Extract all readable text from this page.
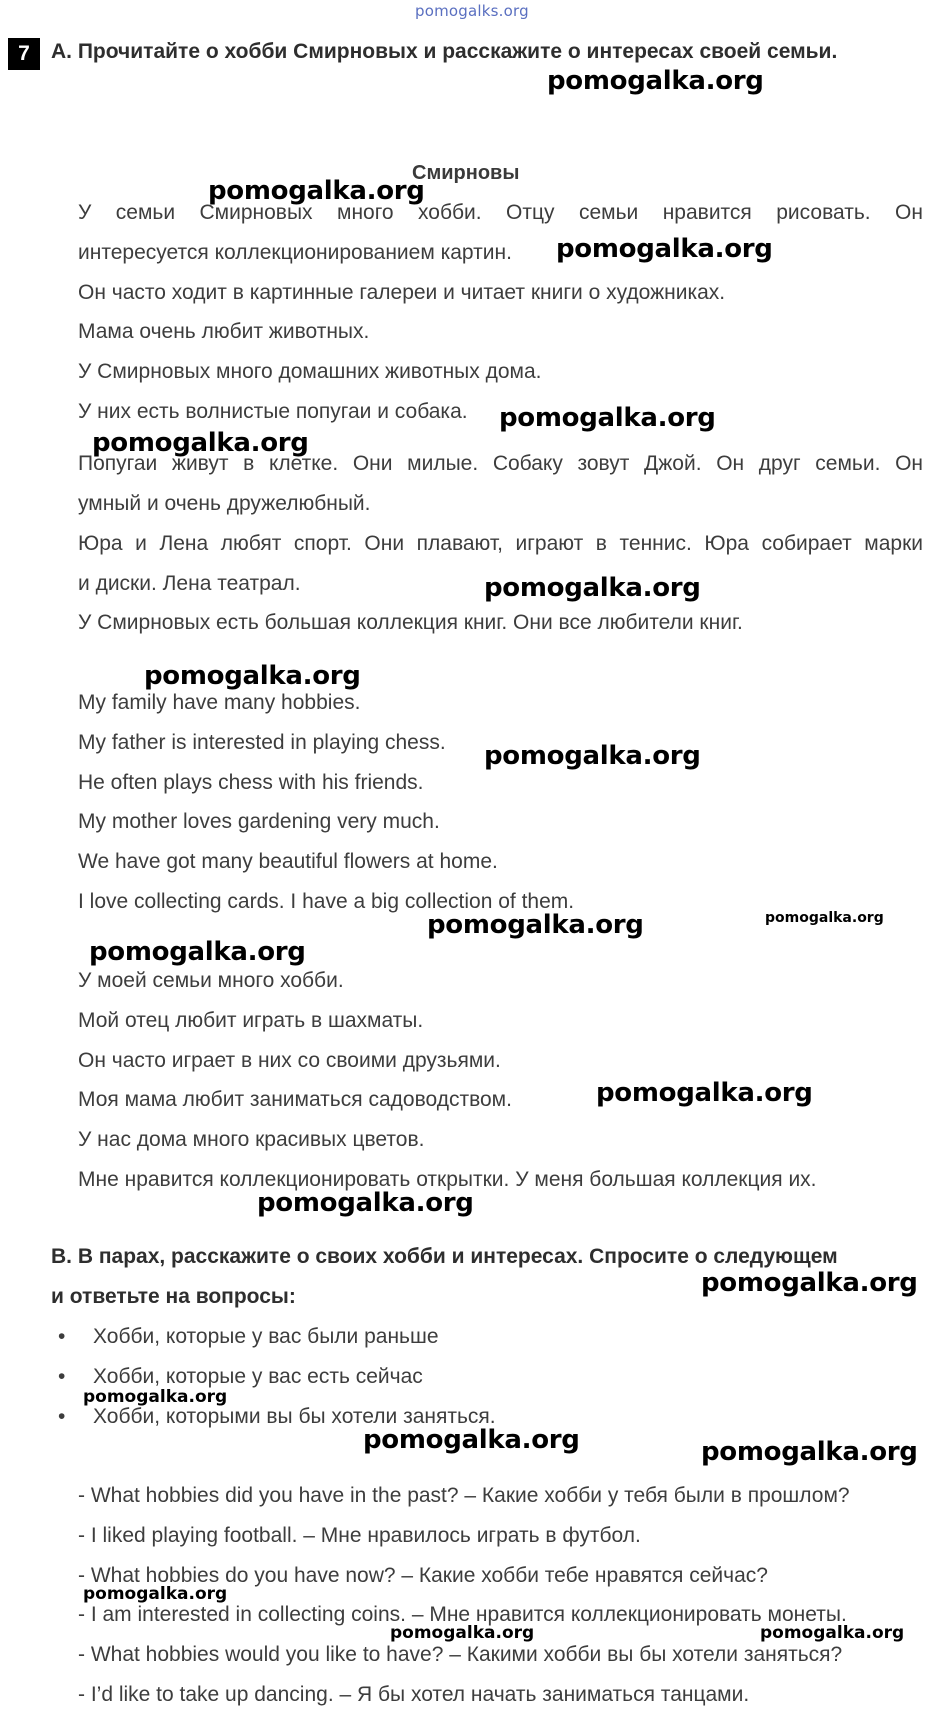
pomogalks.org
7	A. Прочитайте о хобби Смирновых и расскажите о интересах своей семьи.
Смирновы
У семьи Смирновых много хобби. Отцу семьи нравится рисовать. Он
интересуется коллекционированием картин.
Он часто ходит в картинные галереи и читает книги о художниках.
Мама очень любит животных.
У Смирновых много домашних животных дома.
У них есть волнистые попугаи и собака.
Попугаи живут в клетке. Они милые. Собаку зовут Джой. Он друг семьи. Он
умный и очень дружелюбный.
Юра и Лена любят спорт. Они плавают, играют в теннис. Юра собирает марки
и диски. Лена театрал.
У Смирновых есть большая коллекция книг. Они все любители книг.
My family have many hobbies.
My father is interested in playing chess.
He often plays chess with his friends.
My mother loves gardening very much.
We have got many beautiful flowers at home.
I love collecting cards. I have a big collection of them.
У моей семьи много хобби.
Мой отец любит играть в шахматы.
Он часто играет в них со своими друзьями.
Моя мама любит заниматься садоводством.
У нас дома много красивых цветов.
Мне нравится коллекционировать открытки. У меня большая коллекция их.
B. В парах, расскажите о своих хобби и интересах. Спросите о следующем
и ответьте на вопросы:
• Хобби, которые у вас были раньше
• Хобби, которые у вас есть сейчас
• Хобби, которыми вы бы хотели заняться.
- What hobbies did you have in the past? – Какие хобби у тебя были в прошлом?
- I liked playing football. – Мне нравилось играть в футбол.
- What hobbies do you have now? – Какие хобби тебе нравятся сейчас?
- I am interested in collecting coins. – Мне нравится коллекционировать монеты.
- What hobbies would you like to have? – Какими хобби вы бы хотели заняться?
- I’d like to take up dancing. – Я бы хотел начать заниматься танцами.
pomogalka.org
pomogalka.org
pomogalka.org
pomogalka.org
pomogalka.org
pomogalka.org
pomogalka.org
pomogalka.org
pomogalka.org	pomogalka.org
pomogalka.org
pomogalka.org
pomogalka.org
pomogalka.org
pomogalka.org
pomogalka.org	pomogalka.org
pomogalka.org
pomogalka.org	pomogalka.org
